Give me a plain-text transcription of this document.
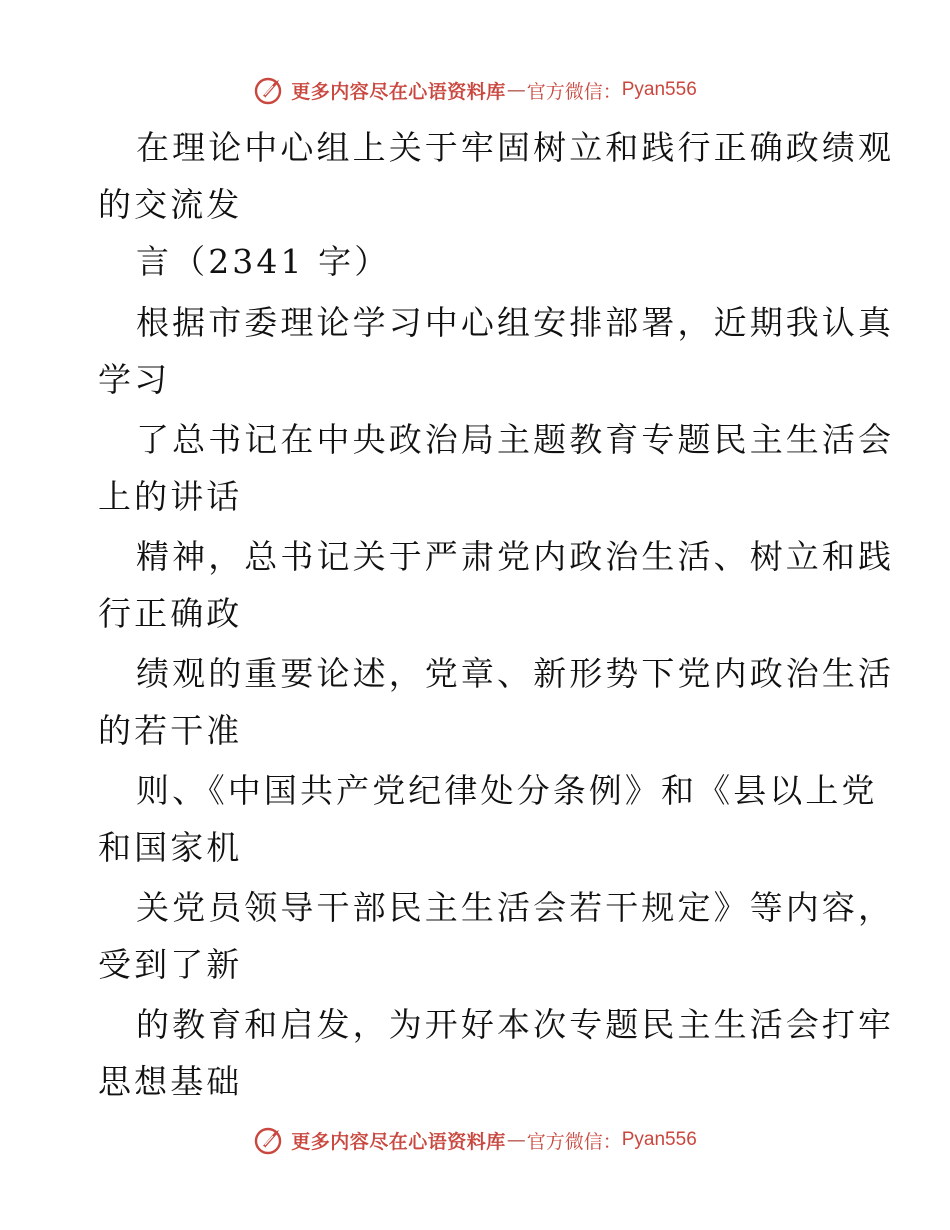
更多内容尽在心语资料库 — 官方微信： Pyan556
在理论中心组上关于牢固树立和践行正确政绩观
的交流发
言（2341 字）
根据市委理论学习中心组安排部署，近期我认真
学习
了总书记在中央政治局主题教育专题民主生活会
上的讲话
精神，总书记关于严肃党内政治生活、树立和践
行正确政
绩观的重要论述，党章、新形势下党内政治生活
的若干准
则、《中国共产党纪律处分条例》和《县以上党
和国家机
关党员领导干部民主生活会若干规定》等内容，
受到了新
的教育和启发，为开好本次专题民主生活会打牢
思想基础
更多内容尽在心语资料库 — 官方微信： Pyan556
